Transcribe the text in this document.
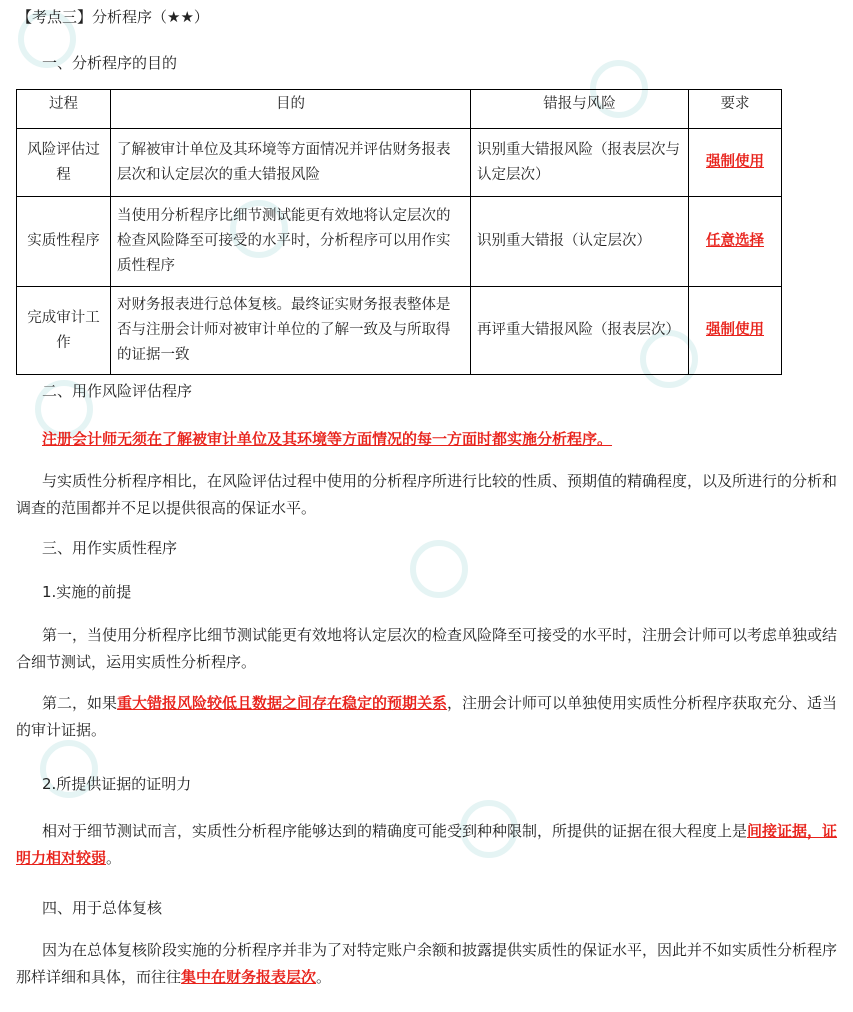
【考点三】分析程序（★★）
一、分析程序的目的
过程	目的	错报与风险	要求
风险评估过程	了解被审计单位及其环境等方面情况并评估财务报表层次和认定层次的重大错报风险	识别重大错报风险（报表层次与认定层次）	强制使用
实质性程序	当使用分析程序比细节测试能更有效地将认定层次的检查风险降至可接受的水平时，分析程序可以用作实质性程序	识别重大错报（认定层次）	任意选择
完成审计工作	对财务报表进行总体复核。最终证实财务报表整体是否与注册会计师对被审计单位的了解一致及与所取得的证据一致	再评重大错报风险（报表层次）	强制使用
二、用作风险评估程序
注册会计师无须在了解被审计单位及其环境等方面情况的每一方面时都实施分析程序。
与实质性分析程序相比，在风险评估过程中使用的分析程序所进行比较的性质、预期值的精确程度，以及所进行的分析和调查的范围都并不足以提供很高的保证水平。
三、用作实质性程序
1.实施的前提
第一，当使用分析程序比细节测试能更有效地将认定层次的检查风险降至可接受的水平时，注册会计师可以考虑单独或结合细节测试，运用实质性分析程序。
第二，如果重大错报风险较低且数据之间存在稳定的预期关系，注册会计师可以单独使用实质性分析程序获取充分、适当的审计证据。
2.所提供证据的证明力
相对于细节测试而言，实质性分析程序能够达到的精确度可能受到种种限制，所提供的证据在很大程度上是间接证据，证明力相对较弱。
四、用于总体复核
因为在总体复核阶段实施的分析程序并非为了对特定账户余额和披露提供实质性的保证水平，因此并不如实质性分析程序那样详细和具体，而往往集中在财务报表层次。
